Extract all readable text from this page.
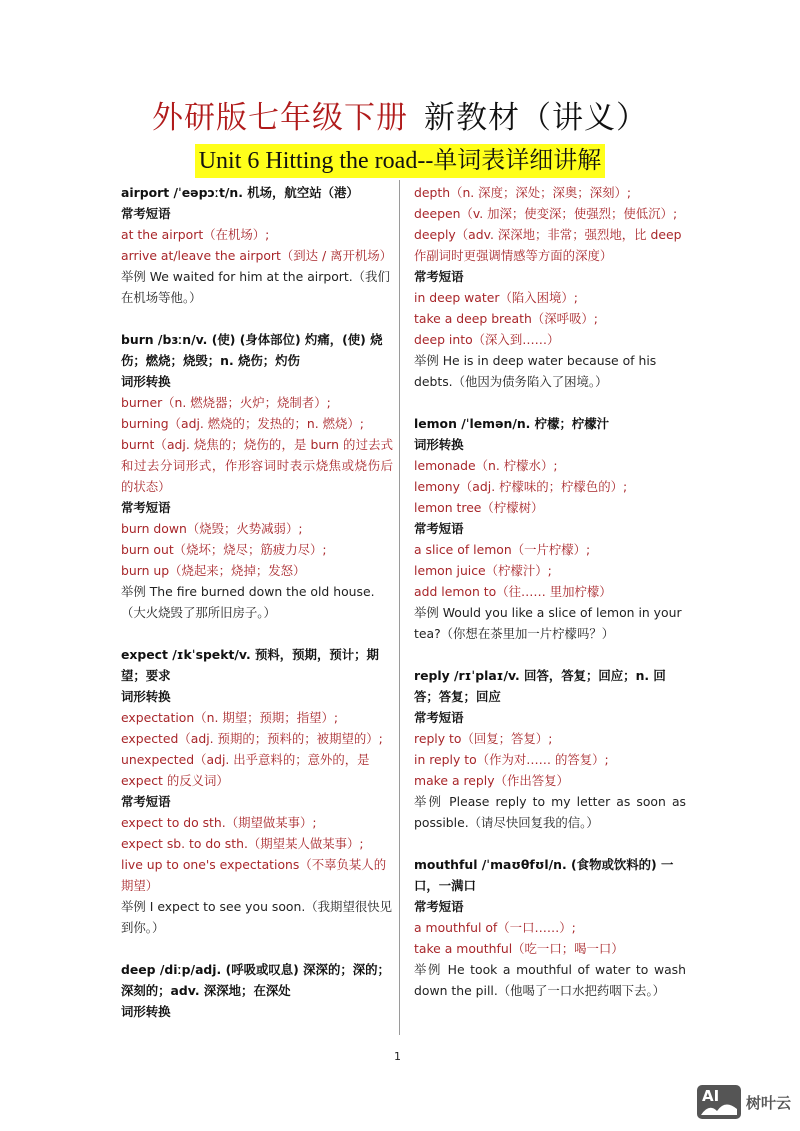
外研版七年级下册 新教材（讲义）
Unit 6 Hitting the road--单词表详细讲解
airport /ˈeəpɔːt/n. 机场，航空站（港）
常考短语
at the airport（在机场）;
arrive at/leave the airport（到达 / 离开机场）
举例 We waited for him at the airport.（我们在机场等他。）
burn /bɜːn/v. (使) (身体部位) 灼痛，(使) 烧伤；燃烧；烧毁；n. 烧伤；灼伤
词形转换
burner（n. 燃烧器；火炉；烧制者）;
burning（adj. 燃烧的；发热的；n. 燃烧）;
burnt（adj. 烧焦的；烧伤的，是 burn 的过去式和过去分词形式，作形容词时表示烧焦或烧伤后的状态）
常考短语
burn down（烧毁；火势减弱）;
burn out（烧坏；烧尽；筋疲力尽）;
burn up（烧起来；烧掉；发怒）
举例 The fire burned down the old house.（大火烧毁了那所旧房子。）
expect /ɪkˈspekt/v. 预料，预期，预计；期望；要求
词形转换
expectation（n. 期望；预期；指望）;
expected（adj. 预期的；预料的；被期望的）;
unexpected（adj. 出乎意料的；意外的，是 expect 的反义词）
常考短语
expect to do sth.（期望做某事）;
expect sb. to do sth.（期望某人做某事）;
live up to one's expectations（不辜负某人的期望）
举例 I expect to see you soon.（我期望很快见到你。）
deep /diːp/adj. (呼吸或叹息) 深深的；深的；深刻的；adv. 深深地；在深处
词形转换
depth（n. 深度；深处；深奥；深刻）;
deepen（v. 加深；使变深；使强烈；使低沉）;
deeply（adv. 深深地；非常；强烈地，比 deep 作副词时更强调情感等方面的深度）
常考短语
in deep water（陷入困境）;
take a deep breath（深呼吸）;
deep into（深入到……）
举例 He is in deep water because of his debts.（他因为债务陷入了困境。）
lemon /ˈlemən/n. 柠檬；柠檬汁
词形转换
lemonade（n. 柠檬水）;
lemony（adj. 柠檬味的；柠檬色的）;
lemon tree（柠檬树）
常考短语
a slice of lemon（一片柠檬）;
lemon juice（柠檬汁）;
add lemon to（往…… 里加柠檬）
举例 Would you like a slice of lemon in your tea?（你想在茶里加一片柠檬吗？）
reply /rɪˈplaɪ/v. 回答，答复；回应；n. 回答；答复；回应
常考短语
reply to（回复；答复）;
in reply to（作为对…… 的答复）;
make a reply（作出答复）
举例 Please reply to my letter as soon as possible.（请尽快回复我的信。）
mouthful /ˈmaʊθfʊl/n. (食物或饮料的) 一口，一满口
常考短语
a mouthful of（一口……）;
take a mouthful（吃一口；喝一口）
举例 He took a mouthful of water to wash down the pill.（他喝了一口水把药咽下去。）
1
AI 树叶云
